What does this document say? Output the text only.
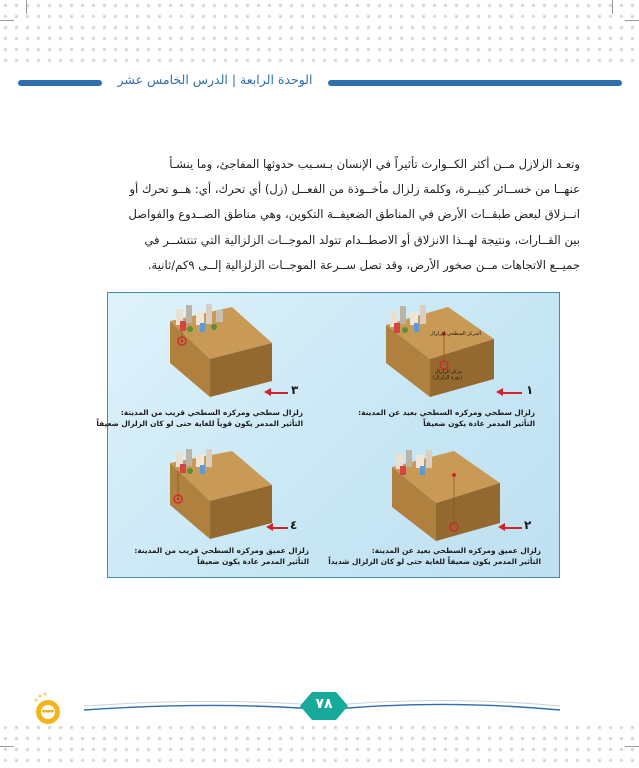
الوحدة الرابعة | الدرس الخامس عشر
وتعـد الزلازل مــن أكثر الكــوارث تأثيراً في الإنسان بـسـبب حدوثها المفاجئ، وما ينشـأ
عنهــا من خســائر كبيــرة، وكلمة زلزال مأخــوذة من الفعــل (زل) أي تحرك، أي: هــو تحرك أو
انــزلاق لبعض طبقــات الأرض في المناطق الضعيفــة التكوين، وهي مناطق الصــدوع والفواصل
بين القــارات، ونتيجة لهــذا الانزلاق أو الاصطــدام تتولد الموجــات الزلزالية التي تنتشــر في
جميــع الاتجاهات مــن صخور الأرض، وقد تصل ســرعة الموجــات الزلزالية إلــى ٩كم/ثانية.
المركز السطحي للزلزال
مركز الزلزال (بؤرة الزلزال)
٣	١
٤	٢
زلزال سطحي ومركزه السطحي قريب من المدينة:
التأثير المدمر يكون قوياً للغاية حتى لو كان الزلزال ضعيفاً
زلزال سطحي ومركزه السطحي بعيد عن المدينة:
التأثير المدمر عادة يكون ضعيفاً
زلزال عميق ومركزه السطحي قريب من المدينة:
التأثير المدمر عادة يكون ضعيفاً
زلزال عميق ومركزه السطحي بعيد عن المدينة:
التأثير المدمر يكون ضعيفاً للغاية حتى لو كان الزلزال شديداً
٧٨
